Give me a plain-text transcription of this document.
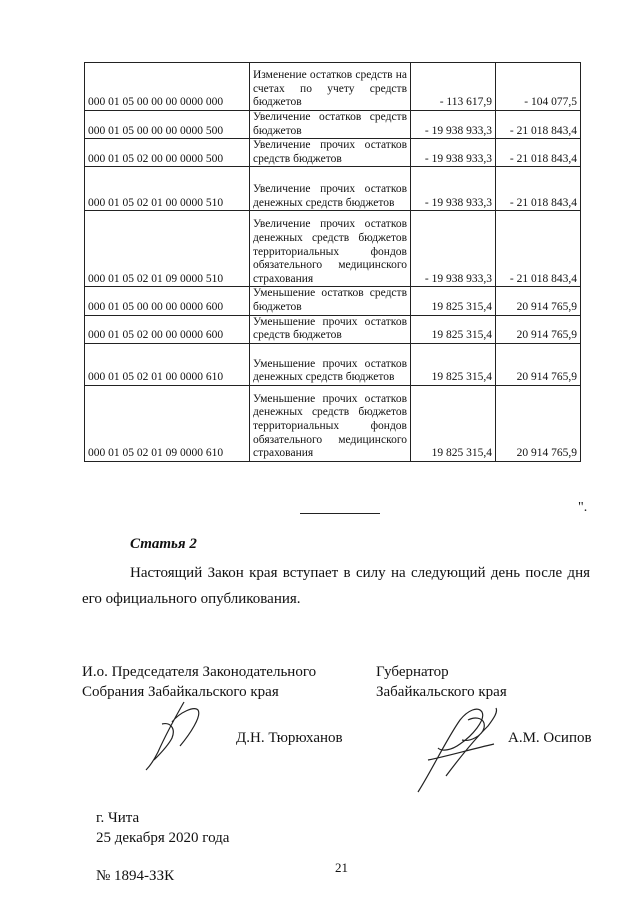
000 01 05 00 00 00 0000 000	Изменение остатков средств на счетах по учету средств бюджетов	- 113 617,9	- 104 077,5
000 01 05 00 00 00 0000 500	Увеличение остатков средств бюджетов	- 19 938 933,3	- 21 018 843,4
000 01 05 02 00 00 0000 500	Увеличение прочих остатков средств бюджетов	- 19 938 933,3	- 21 018 843,4
000 01 05 02 01 00 0000 510	Увеличение прочих остатков денежных средств бюджетов	- 19 938 933,3	- 21 018 843,4
000 01 05 02 01 09 0000 510	Увеличение прочих остатков денежных средств бюджетов территориальных фондов обязательного медицинского страхования	- 19 938 933,3	- 21 018 843,4
000 01 05 00 00 00 0000 600	Уменьшение остатков средств бюджетов	19 825 315,4	20 914 765,9
000 01 05 02 00 00 0000 600	Уменьшение прочих остатков средств бюджетов	19 825 315,4	20 914 765,9
000 01 05 02 01 00 0000 610	Уменьшение прочих остатков денежных средств бюджетов	19 825 315,4	20 914 765,9
000 01 05 02 01 09 0000 610	Уменьшение прочих остатков денежных средств бюджетов территориальных фондов обязательного медицинского страхования	19 825 315,4	20 914 765,9
".
Статья 2
Настоящий Закон края вступает в силу на следующий день после дня его официального опубликования.
И.о. Председателя Законодательного
Собрания Забайкальского края
Д.Н. Тюрюханов
Губернатор
Забайкальского края
А.М. Осипов
г. Чита
25 декабря 2020 года
№ 1894-ЗЗК
21
